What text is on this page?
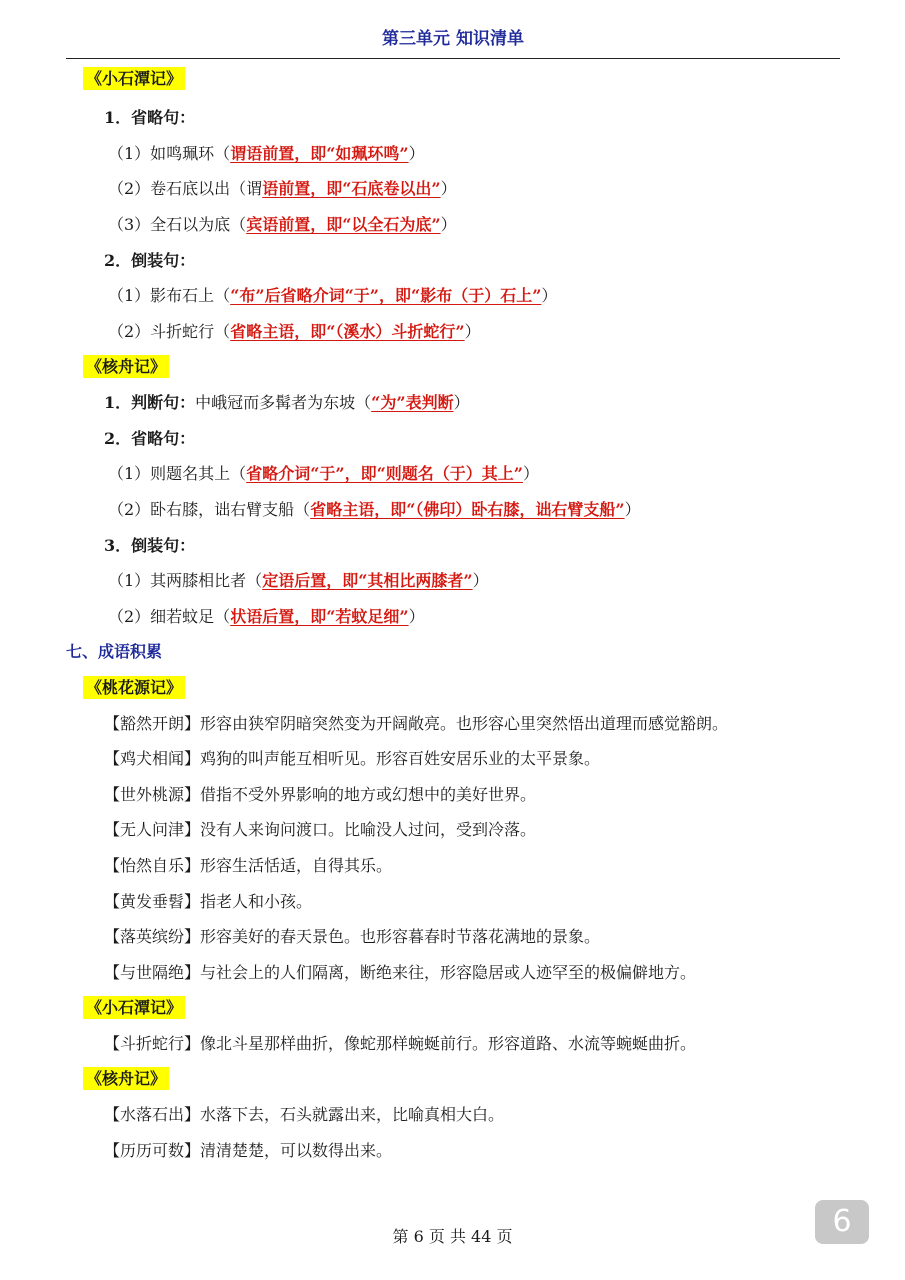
第三单元 知识清单
《小石潭记》
1．省略句：
（1）如鸣珮环（谓语前置，即“如珮环鸣”）
（2）卷石底以出（谓语前置，即“石底卷以出”）
（3）全石以为底（宾语前置，即“以全石为底”）
2．倒装句：
（1）影布石上（“布”后省略介词“于”，即“影布（于）石上”）
（2）斗折蛇行（省略主语，即“（溪水）斗折蛇行”）
《核舟记》
1．判断句：中峨冠而多髯者为东坡（“为”表判断）
2．省略句：
（1）则题名其上（省略介词“于”，即“则题名（于）其上”）
（2）卧右膝，诎右臂支船（省略主语，即“（佛印）卧右膝，诎右臂支船”）
3．倒装句：
（1）其两膝相比者（定语后置，即“其相比两膝者”）
（2）细若蚊足（状语后置，即“若蚊足细”）
七、成语积累
《桃花源记》
【豁然开朗】形容由狭窄阴暗突然变为开阔敞亮。也形容心里突然悟出道理而感觉豁朗。
【鸡犬相闻】鸡狗的叫声能互相听见。形容百姓安居乐业的太平景象。
【世外桃源】借指不受外界影响的地方或幻想中的美好世界。
【无人问津】没有人来询问渡口。比喻没人过问，受到冷落。
【怡然自乐】形容生活恬适，自得其乐。
【黄发垂髫】指老人和小孩。
【落英缤纷】形容美好的春天景色。也形容暮春时节落花满地的景象。
【与世隔绝】与社会上的人们隔离，断绝来往，形容隐居或人迹罕至的极偏僻地方。
《小石潭记》
【斗折蛇行】像北斗星那样曲折，像蛇那样蜿蜒前行。形容道路、水流等蜿蜒曲折。
《核舟记》
【水落石出】水落下去，石头就露出来，比喻真相大白。
【历历可数】清清楚楚，可以数得出来。
第 6 页 共 44 页	6
